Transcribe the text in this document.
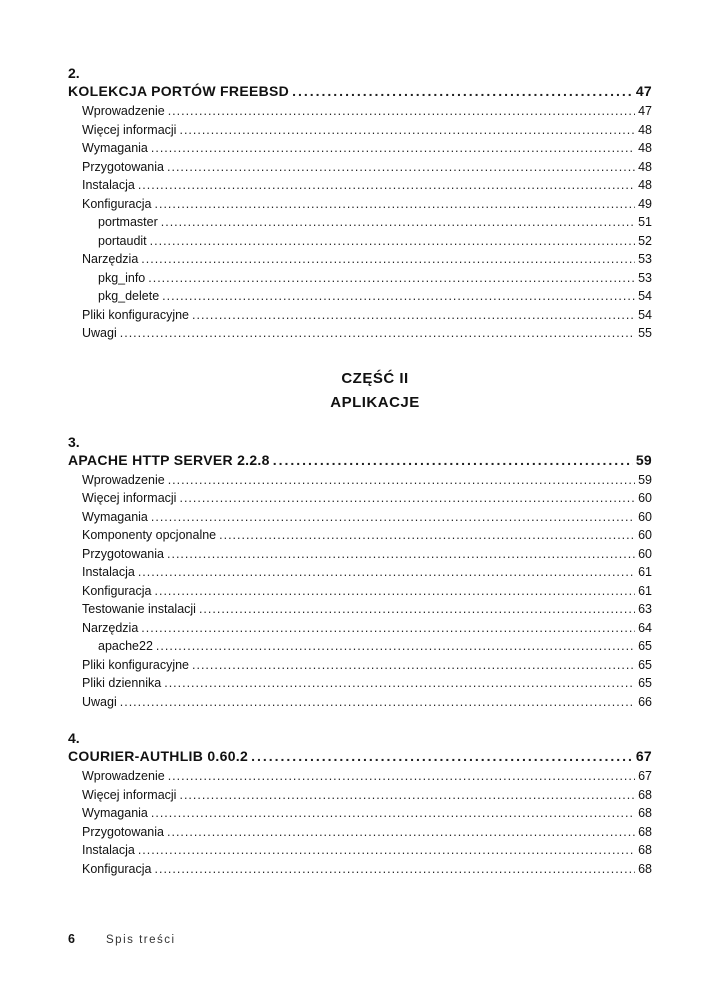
2.
KOLEKCJA PORTÓW FREEBSD .....	47
Wprowadzenie .....	47
Więcej informacji .....	48
Wymagania .....	48
Przygotowania .....	48
Instalacja .....	48
Konfiguracja .....	49
portmaster .....	51
portaudit .....	52
Narzędzia .....	53
pkg_info .....	53
pkg_delete .....	54
Pliki konfiguracyjne .....	54
Uwagi .....	55
CZĘŚĆ II
APLIKACJE
3.
APACHE HTTP SERVER 2.2.8 .....	59
Wprowadzenie .....	59
Więcej informacji .....	60
Wymagania .....	60
Komponenty opcjonalne .....	60
Przygotowania .....	60
Instalacja .....	61
Konfiguracja .....	61
Testowanie instalacji .....	63
Narzędzia .....	64
apache22 .....	65
Pliki konfiguracyjne .....	65
Pliki dziennika .....	65
Uwagi .....	66
4.
COURIER-AUTHLIB 0.60.2 .....	67
Wprowadzenie .....	67
Więcej informacji .....	68
Wymagania .....	68
Przygotowania .....	68
Instalacja .....	68
Konfiguracja .....	68
6	Spis treści
